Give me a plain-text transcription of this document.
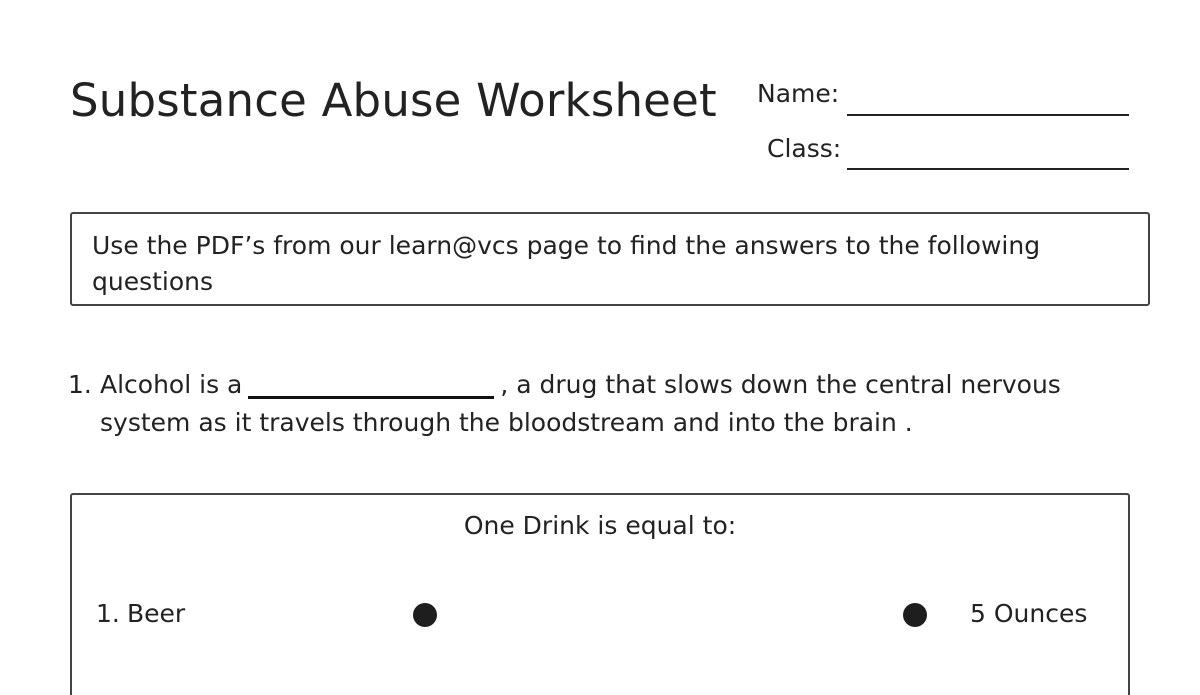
Substance Abuse Worksheet Name:
Class:
Use the PDF’s from our learn@vcs page to find the answers to the following
questions
1. Alcohol is a	, a drug that slows down the central nervous
system as it travels through the bloodstream and into the brain .
One Drink is equal to:
1. Beer	5 Ounces
